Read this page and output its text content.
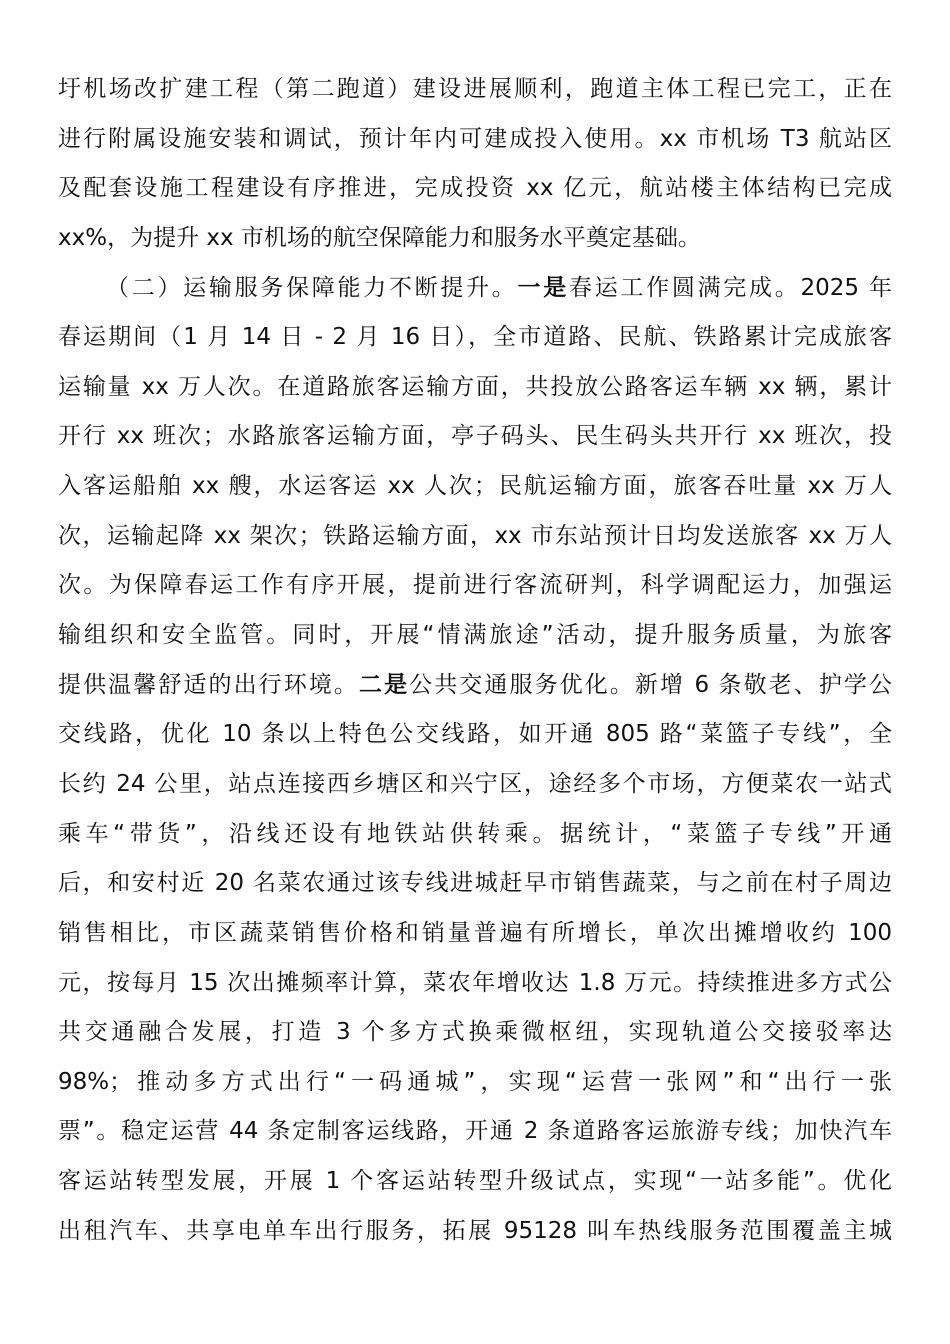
圩机场改扩建工程（第二跑道）建设进展顺利，跑道主体工程已完工，正在
进行附属设施安装和调试，预计年内可建成投入使用。xx 市机场 T3 航站区
及配套设施工程建设有序推进，完成投资 xx 亿元，航站楼主体结构已完成
xx%，为提升 xx 市机场的航空保障能力和服务水平奠定基础。
（二）运输服务保障能力不断提升。一是春运工作圆满完成。2025 年
春运期间（1 月 14 日 - 2 月 16 日），全市道路、民航、铁路累计完成旅客
运输量 xx 万人次。在道路旅客运输方面，共投放公路客运车辆 xx 辆，累计
开行 xx 班次；水路旅客运输方面，亭子码头、民生码头共开行 xx 班次，投
入客运船舶 xx 艘，水运客运 xx 人次；民航运输方面，旅客吞吐量 xx 万人
次，运输起降 xx 架次；铁路运输方面，xx 市东站预计日均发送旅客 xx 万人
次。为保障春运工作有序开展，提前进行客流研判，科学调配运力，加强运
输组织和安全监管。同时，开展“情满旅途”活动，提升服务质量，为旅客
提供温馨舒适的出行环境。二是公共交通服务优化。新增 6 条敬老、护学公
交线路，优化 10 条以上特色公交线路，如开通 805 路“菜篮子专线”，全
长约 24 公里，站点连接西乡塘区和兴宁区，途经多个市场，方便菜农一站式
乘车“带货”，沿线还设有地铁站供转乘。据统计，“菜篮子专线”开通
后，和安村近 20 名菜农通过该专线进城赶早市销售蔬菜，与之前在村子周边
销售相比，市区蔬菜销售价格和销量普遍有所增长，单次出摊增收约 100
元，按每月 15 次出摊频率计算，菜农年增收达 1.8 万元。持续推进多方式公
共交通融合发展，打造 3 个多方式换乘微枢纽，实现轨道公交接驳率达
98%；推动多方式出行“一码通城”，实现“运营一张网”和“出行一张
票”。稳定运营 44 条定制客运线路，开通 2 条道路客运旅游专线；加快汽车
客运站转型发展，开展 1 个客运站转型升级试点，实现“一站多能”。优化
出租汽车、共享电单车出行服务，拓展 95128 叫车热线服务范围覆盖主城
